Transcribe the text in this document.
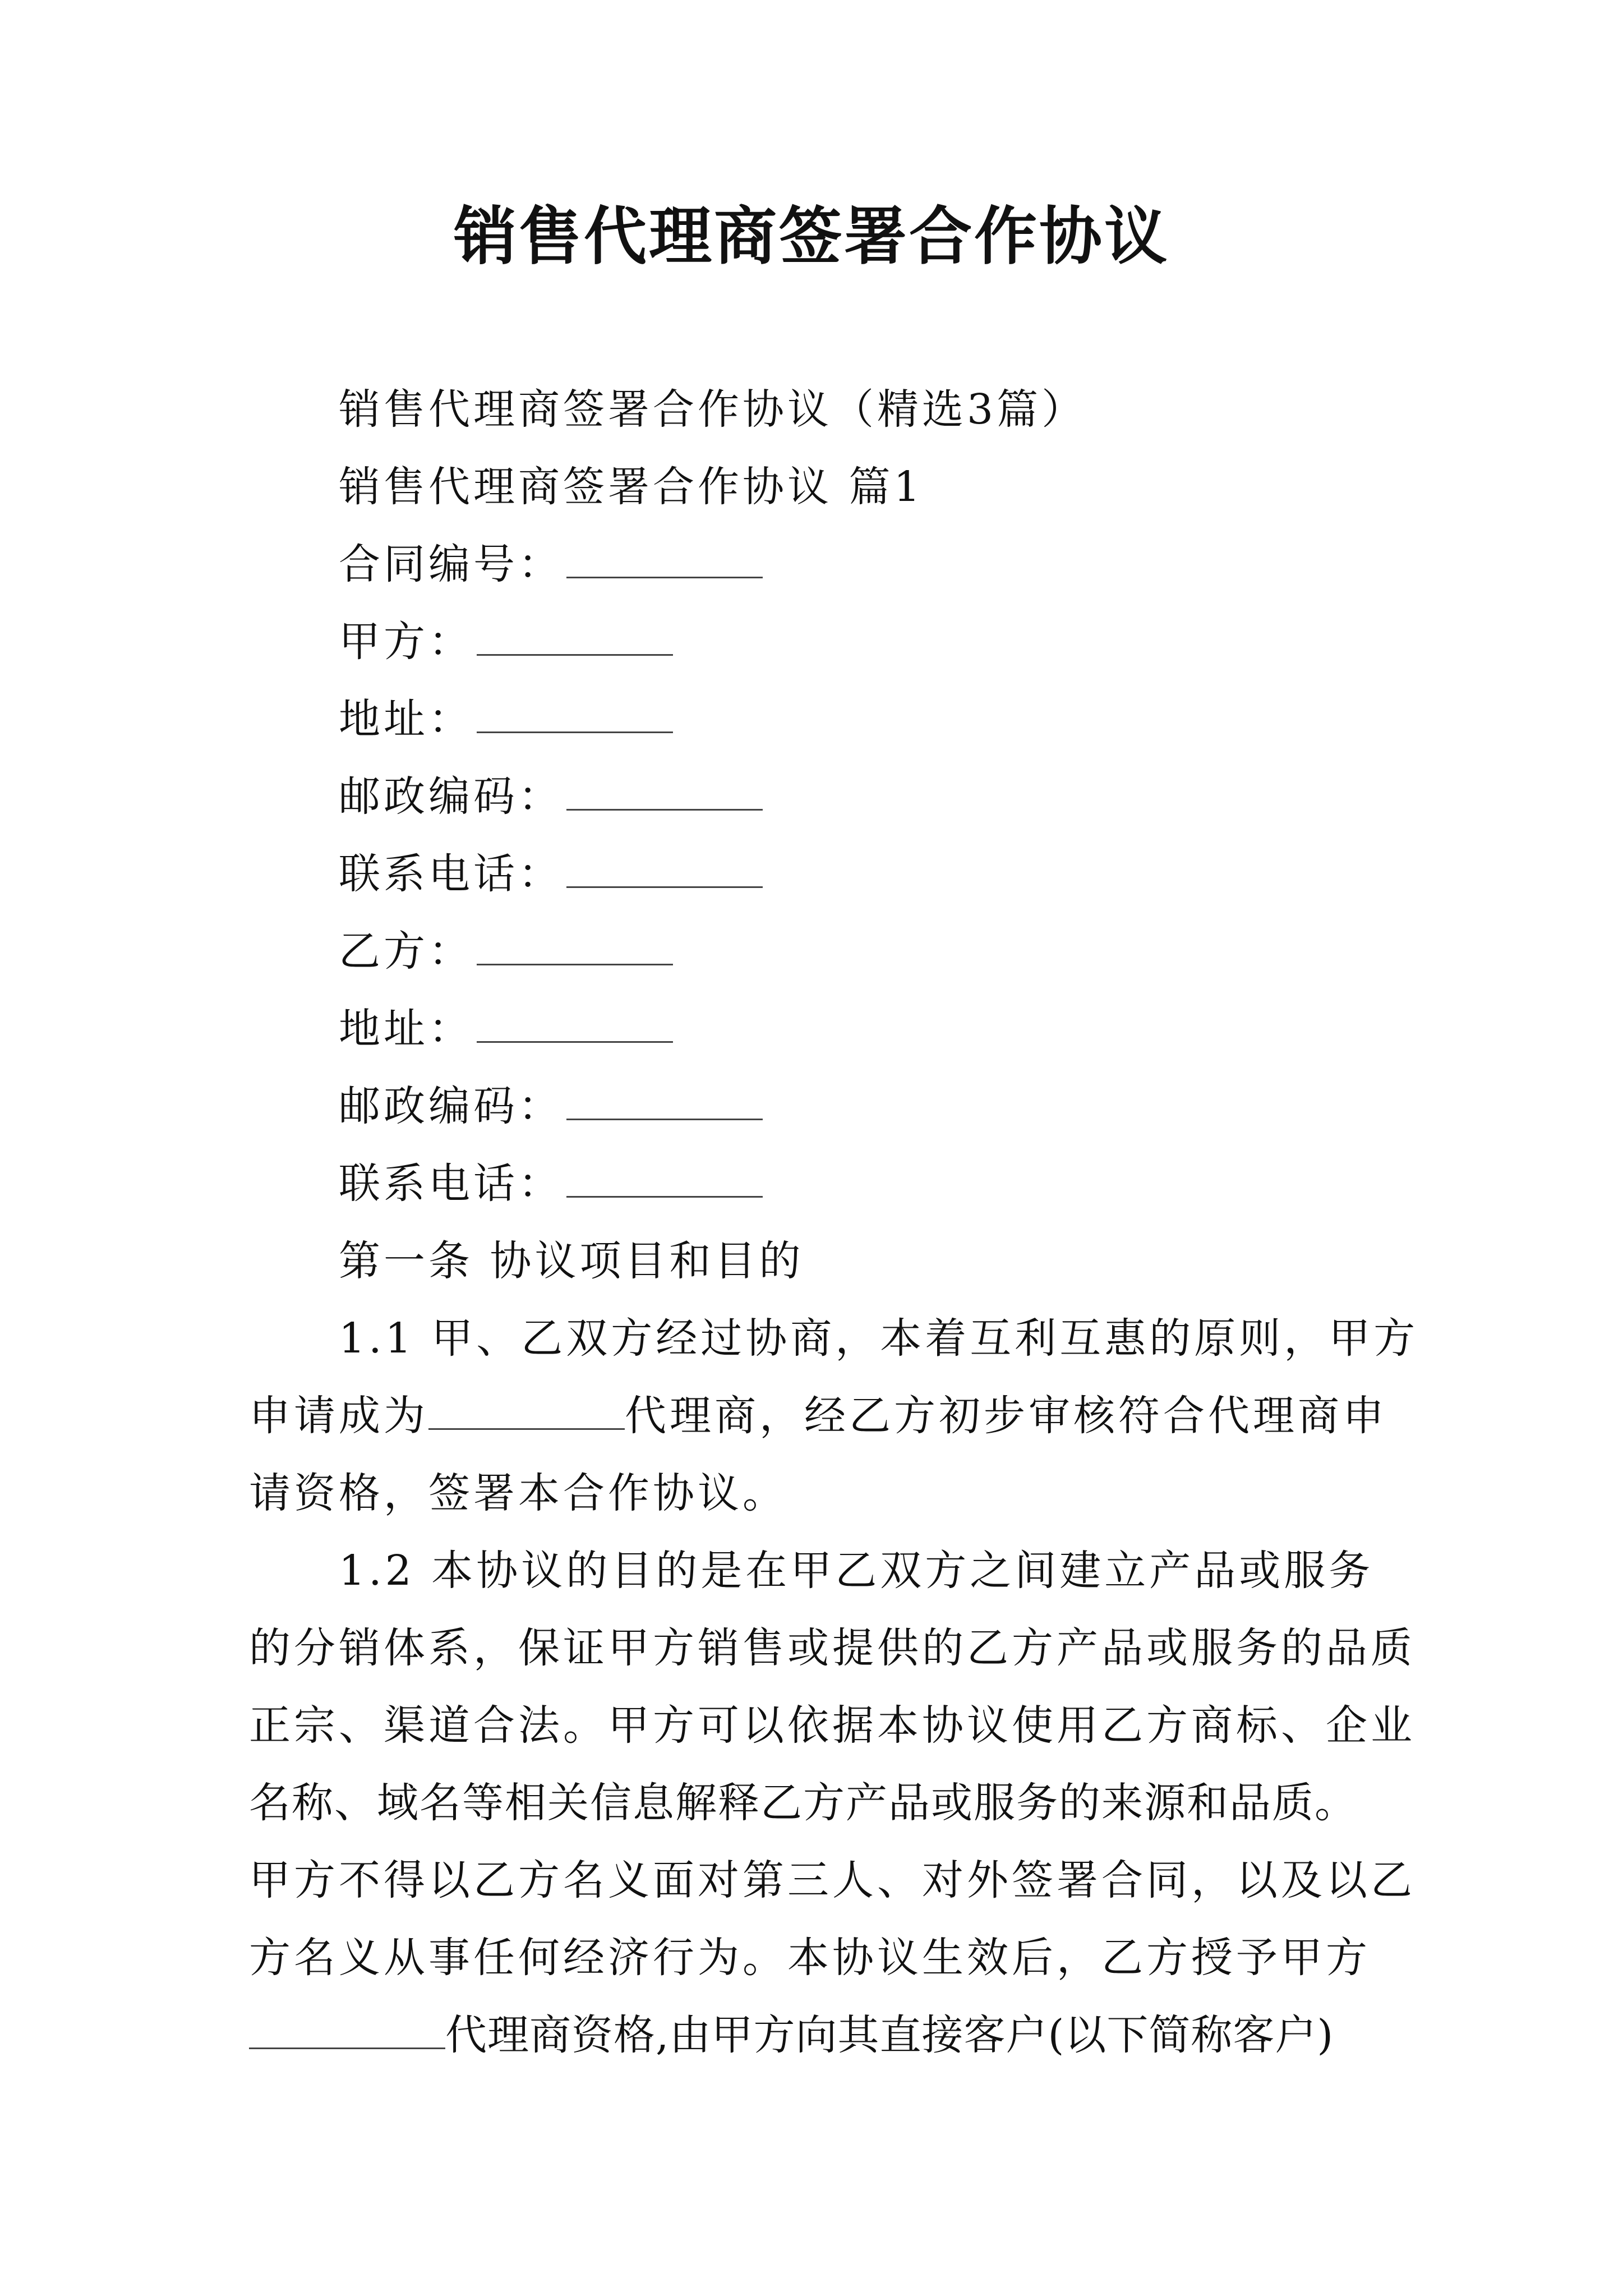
销售代理商签署合作协议

销售代理商签署合作协议（精选3篇）

销售代理商签署合作协议 篇1

合同编号：

甲方：

地址：

邮政编码：

联系电话：

乙方：

地址：

邮政编码：

联系电话：

第一条 协议项目和目的

1.1 甲、乙双方经过协商，本着互利互惠的原则，甲方

申请成为	代理商，经乙方初步审核符合代理商申

请资格，签署本合作协议。

1.2 本协议的目的是在甲乙双方之间建立产品或服务

的分销体系，保证甲方销售或提供的乙方产品或服务的品质

正宗、渠道合法。甲方可以依据本协议使用乙方商标、企业

名称、域名等相关信息解释乙方产品或服务的来源和品质。

甲方不得以乙方名义面对第三人、对外签署合同，以及以乙

方名义从事任何经济行为。本协议生效后，乙方授予甲方

代理商资格,由甲方向其直接客户(以下简称客户)
